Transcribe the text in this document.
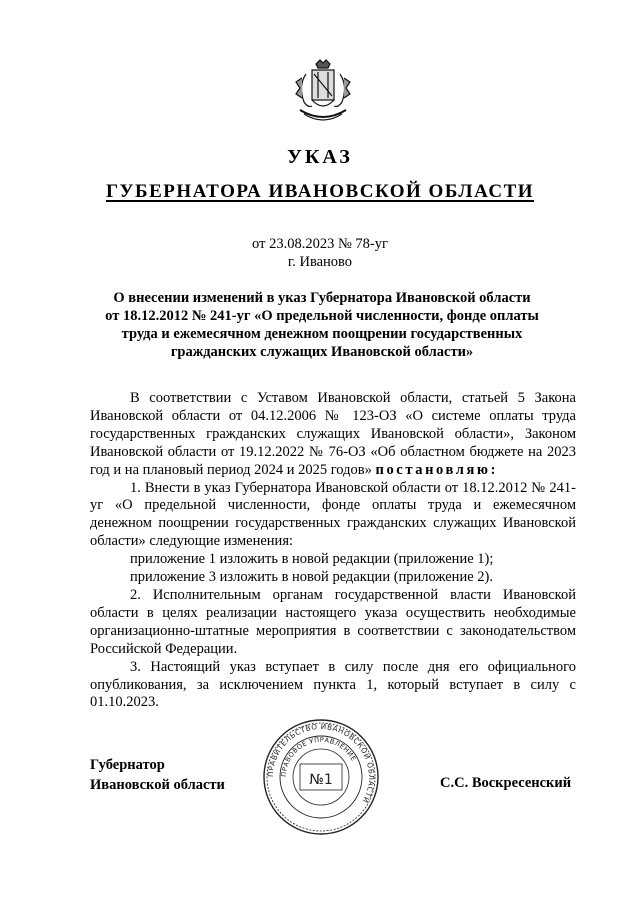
УКАЗ
ГУБЕРНАТОРА ИВАНОВСКОЙ ОБЛАСТИ
от 23.08.2023 № 78-уг
г. Иваново
О внесении изменений в указ Губернатора Ивановской области
от 18.12.2012 № 241-уг «О предельной численности, фонде оплаты
труда и ежемесячном денежном поощрении государственных
гражданских служащих Ивановской области»

В соответствии с Уставом Ивановской области, статьей 5 Закона Ивановской области от 04.12.2006 № 123-ОЗ «О системе оплаты труда государственных гражданских служащих Ивановской области», Законом Ивановской области от 19.12.2022 № 76-ОЗ «Об областном бюджете на 2023 год и на плановый период 2024 и 2025 годов» постановляю:

1. Внести в указ Губернатора Ивановской области от 18.12.2012 № 241-уг «О предельной численности, фонде оплаты труда и ежемесячном денежном поощрении государственных гражданских служащих Ивановской области» следующие изменения:

приложение 1 изложить в новой редакции (приложение 1);

приложение 3 изложить в новой редакции (приложение 2).

2. Исполнительным органам государственной власти Ивановской области в целях реализации настоящего указа осуществить необходимые организационно-штатные мероприятия в соответствии с законодательством Российской Федерации.

3. Настоящий указ вступает в силу после дня его официального опубликования, за исключением пункта 1, который вступает в силу с 01.10.2023.

Губернатор
Ивановской области
ПРАВИТЕЛЬСТВО ИВАНОВСКОЙ ОБЛАСТИ
ПРАВОВОЕ УПРАВЛЕНИЕ
№1	С.С. Воскресенский
